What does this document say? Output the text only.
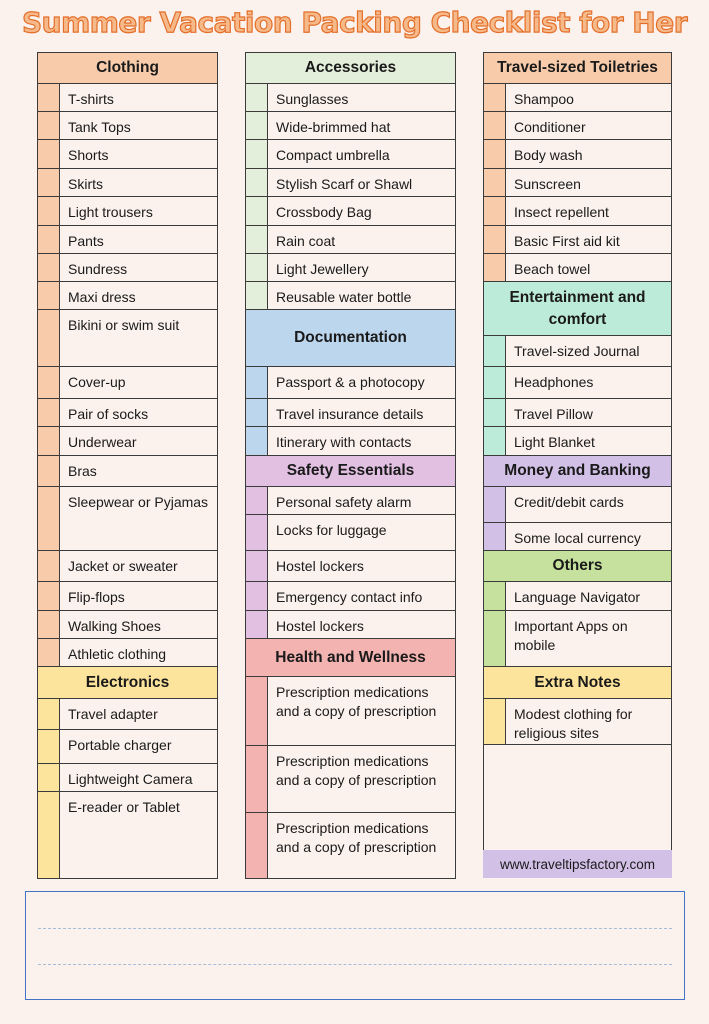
Summer Vacation Packing Checklist for Her
Clothing
T-shirts
Tank Tops
Shorts
Skirts
Light trousers
Pants
Sundress
Maxi dress
Bikini or swim suit
Cover-up
Pair of socks
Underwear
Bras
Sleepwear or Pyjamas
Jacket or sweater
Flip-flops
Walking Shoes
Athletic clothing
Electronics
Travel adapter
Portable charger
Lightweight Camera
E-reader or Tablet
Accessories
Sunglasses
Wide-brimmed hat
Compact umbrella
Stylish Scarf or Shawl
Crossbody Bag
Rain coat
Light Jewellery
Reusable water bottle
Documentation
Passport & a photocopy
Travel insurance details
Itinerary with contacts
Safety Essentials
Personal safety alarm
Locks for luggage
Hostel lockers
Emergency contact info
Hostel lockers
Health and Wellness
Prescription medications and a copy of prescription
Prescription medications and a copy of prescription
Prescription medications and a copy of prescription
Travel-sized Toiletries
Shampoo
Conditioner
Body wash
Sunscreen
Insect repellent
Basic First aid kit
Beach towel
Entertainment and comfort
Travel-sized Journal
Headphones
Travel Pillow
Light Blanket
Money and Banking
Credit/debit cards
Some local currency
Others
Language Navigator
Important Apps on mobile
Extra Notes
Modest clothing for religious sites
www.traveltipsfactory.com
